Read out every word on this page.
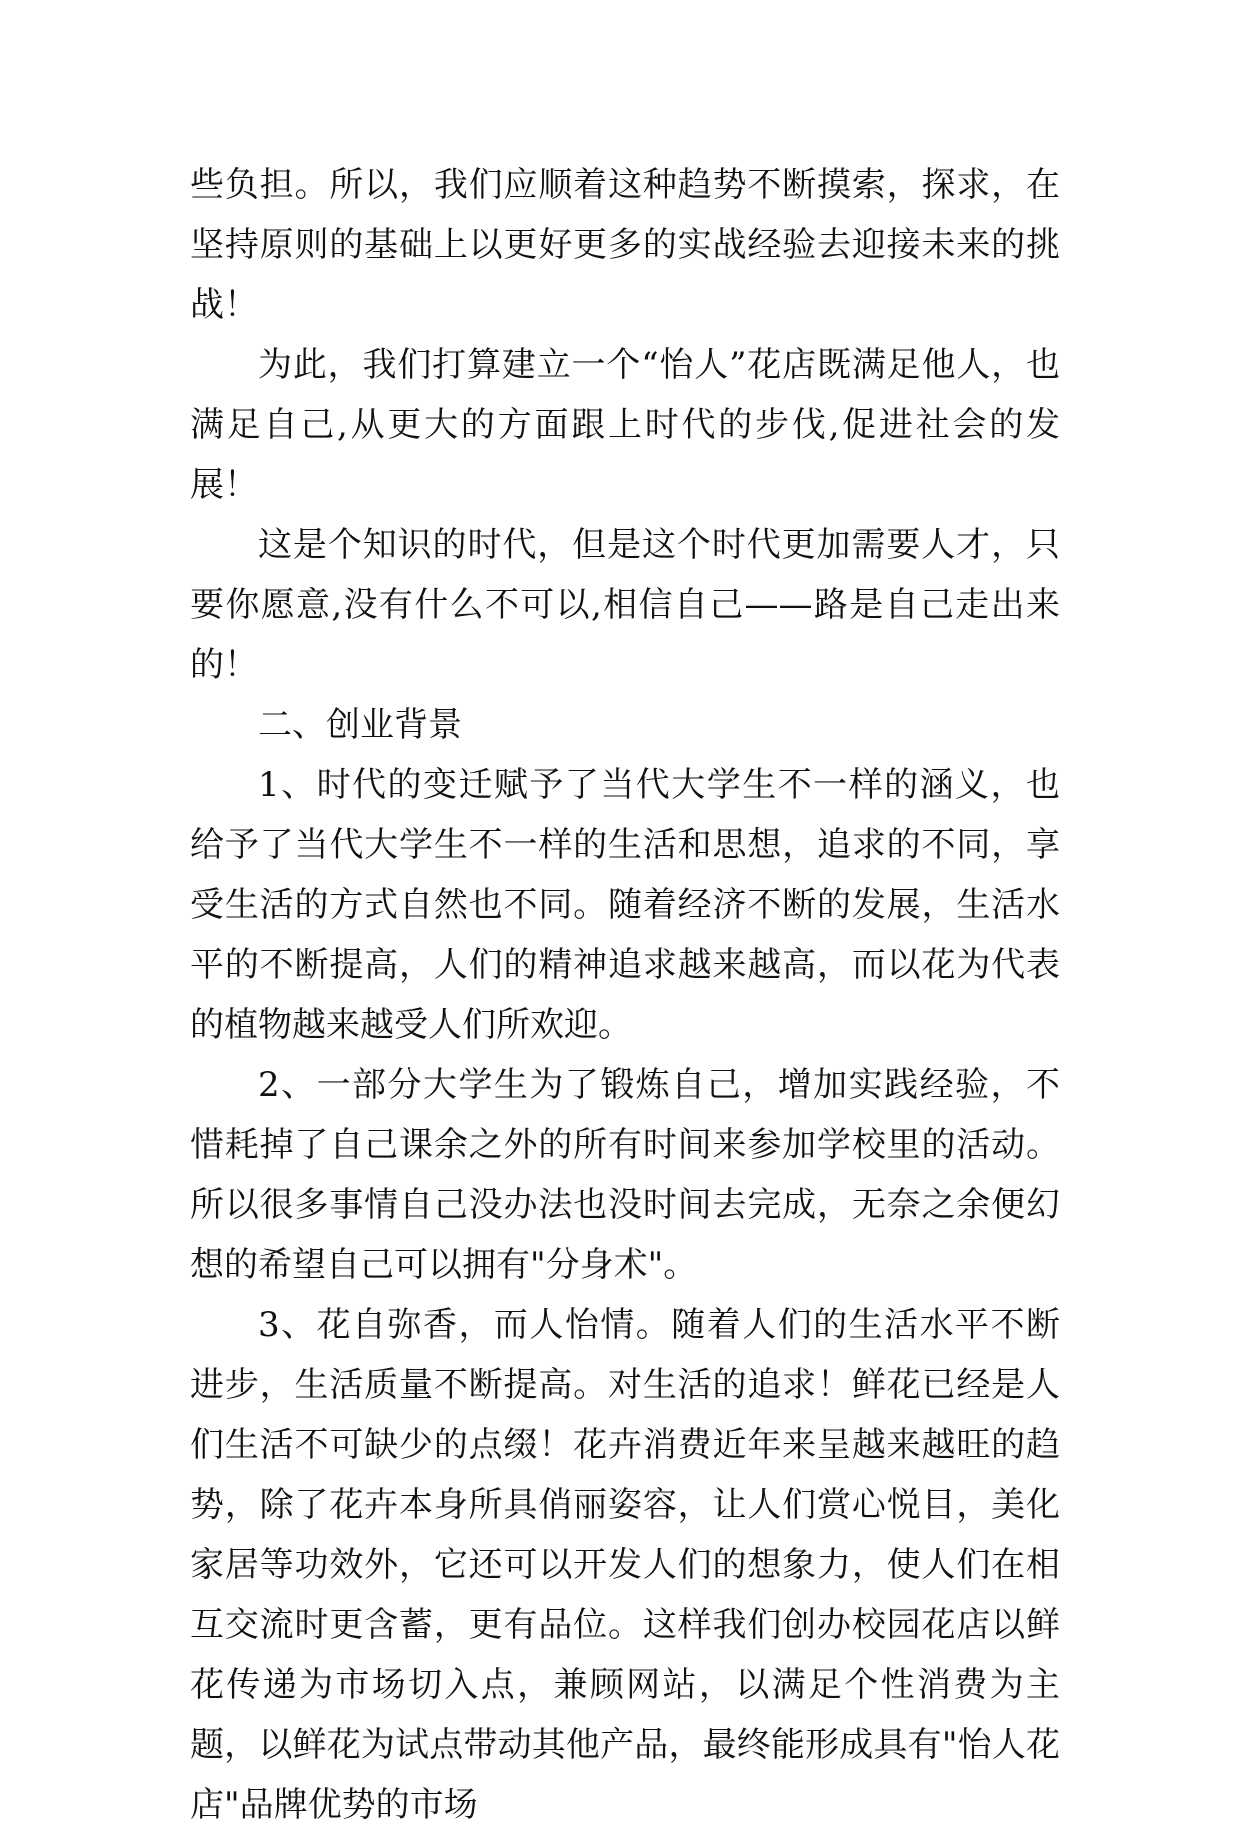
些负担。所以，我们应顺着这种趋势不断摸索，探求，在坚持原则的基础上以更好更多的实战经验去迎接未来的挑战！

为此，我们打算建立一个“怡人”花店既满足他人，也满足自己,从更大的方面跟上时代的步伐,促进社会的发展！

这是个知识的时代，但是这个时代更加需要人才，只要你愿意,没有什么不可以,相信自己——路是自己走出来的！

二、创业背景

1、时代的变迁赋予了当代大学生不一样的涵义，也给予了当代大学生不一样的生活和思想，追求的不同，享受生活的方式自然也不同。随着经济不断的发展，生活水平的不断提高，人们的精神追求越来越高，而以花为代表的植物越来越受人们所欢迎。

2、一部分大学生为了锻炼自己，增加实践经验，不惜耗掉了自己课余之外的所有时间来参加学校里的活动。所以很多事情自己没办法也没时间去完成，无奈之余便幻想的希望自己可以拥有"分身术"。

3、花自弥香，而人怡情。随着人们的生活水平不断进步，生活质量不断提高。对生活的追求！鲜花已经是人们生活不可缺少的点缀！花卉消费近年来呈越来越旺的趋势，除了花卉本身所具俏丽姿容，让人们赏心悦目，美化家居等功效外，它还可以开发人们的想象力，使人们在相互交流时更含蓄，更有品位。这样我们创办校园花店以鲜花传递为市场切入点，兼顾网站，以满足个性消费为主题，以鲜花为试点带动其他产品，最终能形成具有"怡人花店"品牌优势的市场
